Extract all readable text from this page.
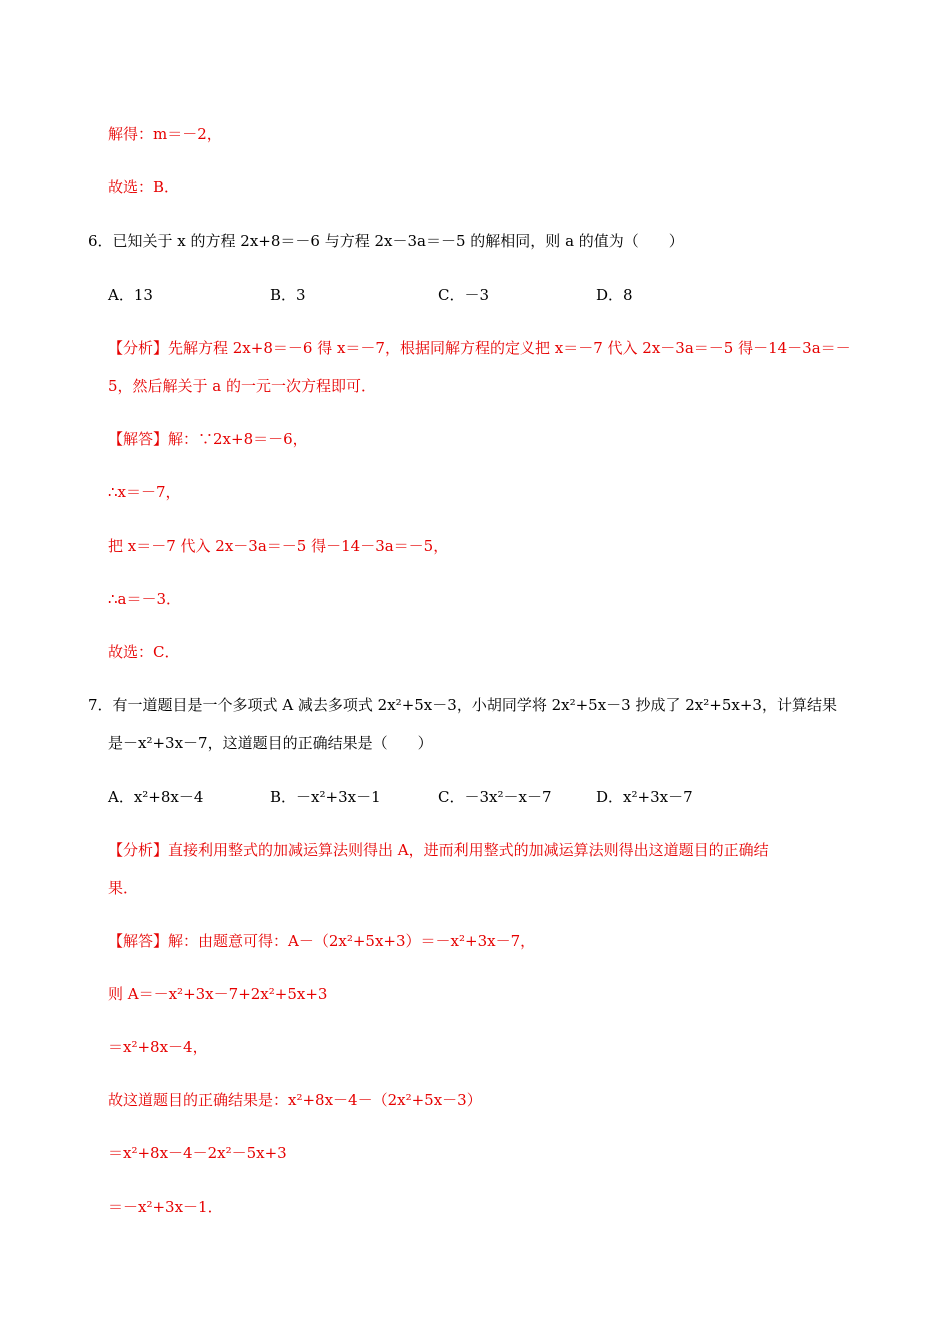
解得：m＝－2，
故选：B．
6．已知关于 x 的方程 2x+8＝－6 与方程 2x－3a＝－5 的解相同，则 a 的值为（　　）
A．13	B．3	C．－3	D．8
【分析】先解方程 2x+8＝－6 得 x＝－7，根据同解方程的定义把 x＝－7 代入 2x－3a＝－5 得－14－3a＝－
5，然后解关于 a 的一元一次方程即可．
【解答】解：∵2x+8＝－6，
∴x＝－7，
把 x＝－7 代入 2x－3a＝－5 得－14－3a＝－5，
∴a＝－3．
故选：C．
7．有一道题目是一个多项式 A 减去多项式 2x²+5x－3，小胡同学将 2x²+5x－3 抄成了 2x²+5x+3，计算结果
是－x²+3x－7，这道题目的正确结果是（　　）
A．x²+8x－4	B．－x²+3x－1	C．－3x²－x－7	D．x²+3x－7
【分析】直接利用整式的加减运算法则得出 A，进而利用整式的加减运算法则得出这道题目的正确结
果．
【解答】解：由题意可得：A－（2x²+5x+3）＝－x²+3x－7，
则 A＝－x²+3x－7+2x²+5x+3
＝x²+8x－4，
故这道题目的正确结果是：x²+8x－4－（2x²+5x－3）
＝x²+8x－4－2x²－5x+3
＝－x²+3x－1．
